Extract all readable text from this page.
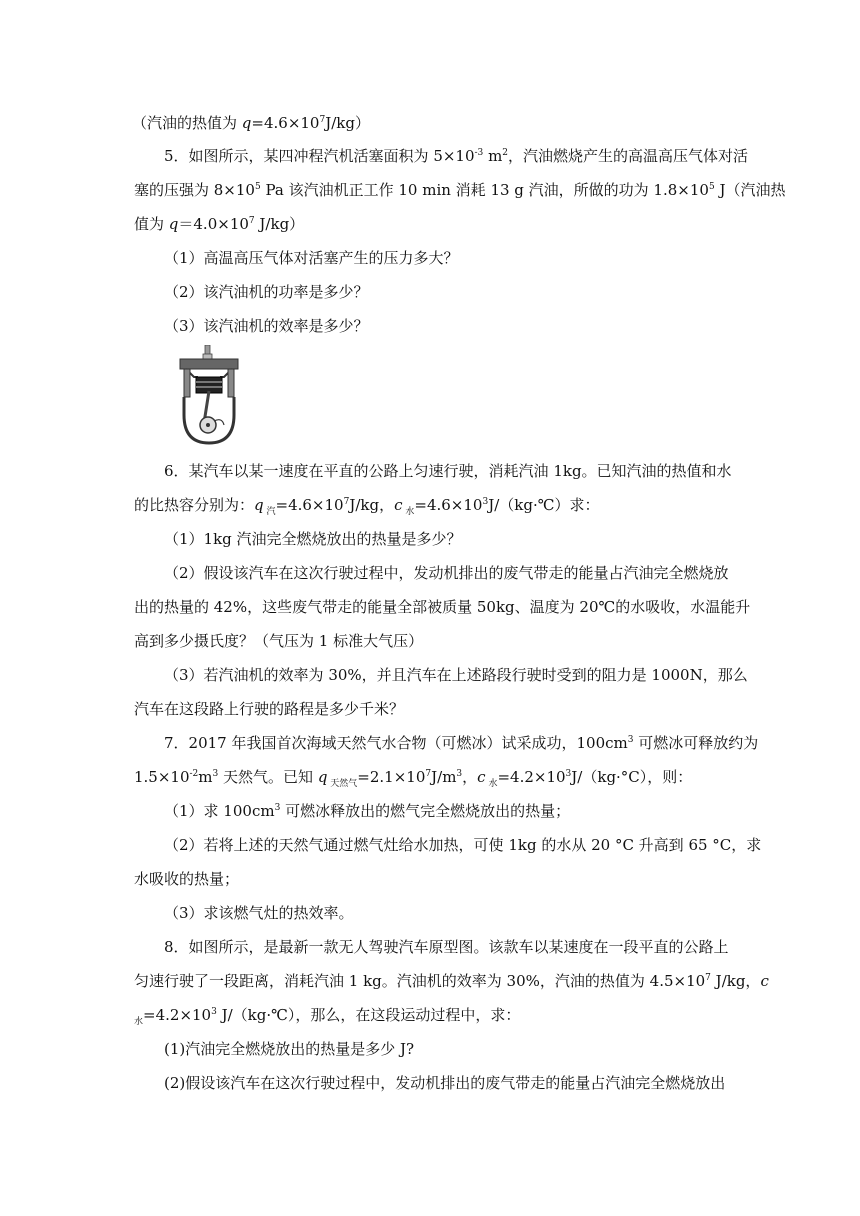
（汽油的热值为 $q=4.6\times 10^7J/kg$）
5．如图所示，某四冲程汽机活塞面积为 $5\times 10^{-3}$ $m^2$，汽油燃烧产生的高温高压气体对活
塞的压强为 $8\times 10^5$ Pa 该汽油机正工作 10 min 消耗 13 g 汽油，所做的功为 $1.8\times 10^5$ J（汽油热
值为 $q=4.0\times 10^7$ J/kg）
（1）高温高压气体对活塞产生的压力多大？
（2）该汽油机的功率是多少？
（3）该汽油机的效率是多少？
6．某汽车以某一速度在平直的公路上匀速行驶，消耗汽油 1kg。已知汽油的热值和水
的比热容分别为：q $_汽=4.6\times 10^7J/kg$，c $_水=4.6\times 10^3J/(kg\cdot℃)$求：
（1）1kg 汽油完全燃烧放出的热量是多少？
（2）假设该汽车在这次行驶过程中，发动机排出的废气带走的能量占汽油完全燃烧放
出的热量的 42%，这些废气带走的能量全部被质量 50kg、温度为 20℃的水吸收，水温能升
高到多少摄氏度？（气压为 1 标准大气压）
（3）若汽油机的效率为 30%，并且汽车在上述路段行驶时受到的阻力是 1000N，那么
汽车在这段路上行驶的路程是多少千米？
7．2017 年我国首次海域天然气水合物（可燃冰）试采成功，$100cm^3$ 可燃冰可释放约为
$1.5\times 10^{-2}m^3$ 天然气。已知 q $_{天然气}=2.1\times 10^7J/m^3$，c $_水=4.2\times 10^3J/(kg\cdot^\circ C)$，则：
（1）求 $100cm^3$ 可燃冰释放出的燃气完全燃烧放出的热量；
（2）若将上述的天然气通过燃气灶给水加热，可使 1kg 的水从 20 °C 升高到 65 °C，求
水吸收的热量；
（3）求该燃气灶的热效率。
8．如图所示，是最新一款无人驾驶汽车原型图。该款车以某速度在一段平直的公路上
匀速行驶了一段距离，消耗汽油 1 kg。汽油机的效率为 30%，汽油的热值为 $4.5\times 10^7$ J/kg，c
$_水=4.2\times 10^3$ J/（kg·℃），那么，在这段运动过程中，求：
(1)汽油完全燃烧放出的热量是多少 J?
(2)假设该汽车在这次行驶过程中，发动机排出的废气带走的能量占汽油完全燃烧放出
